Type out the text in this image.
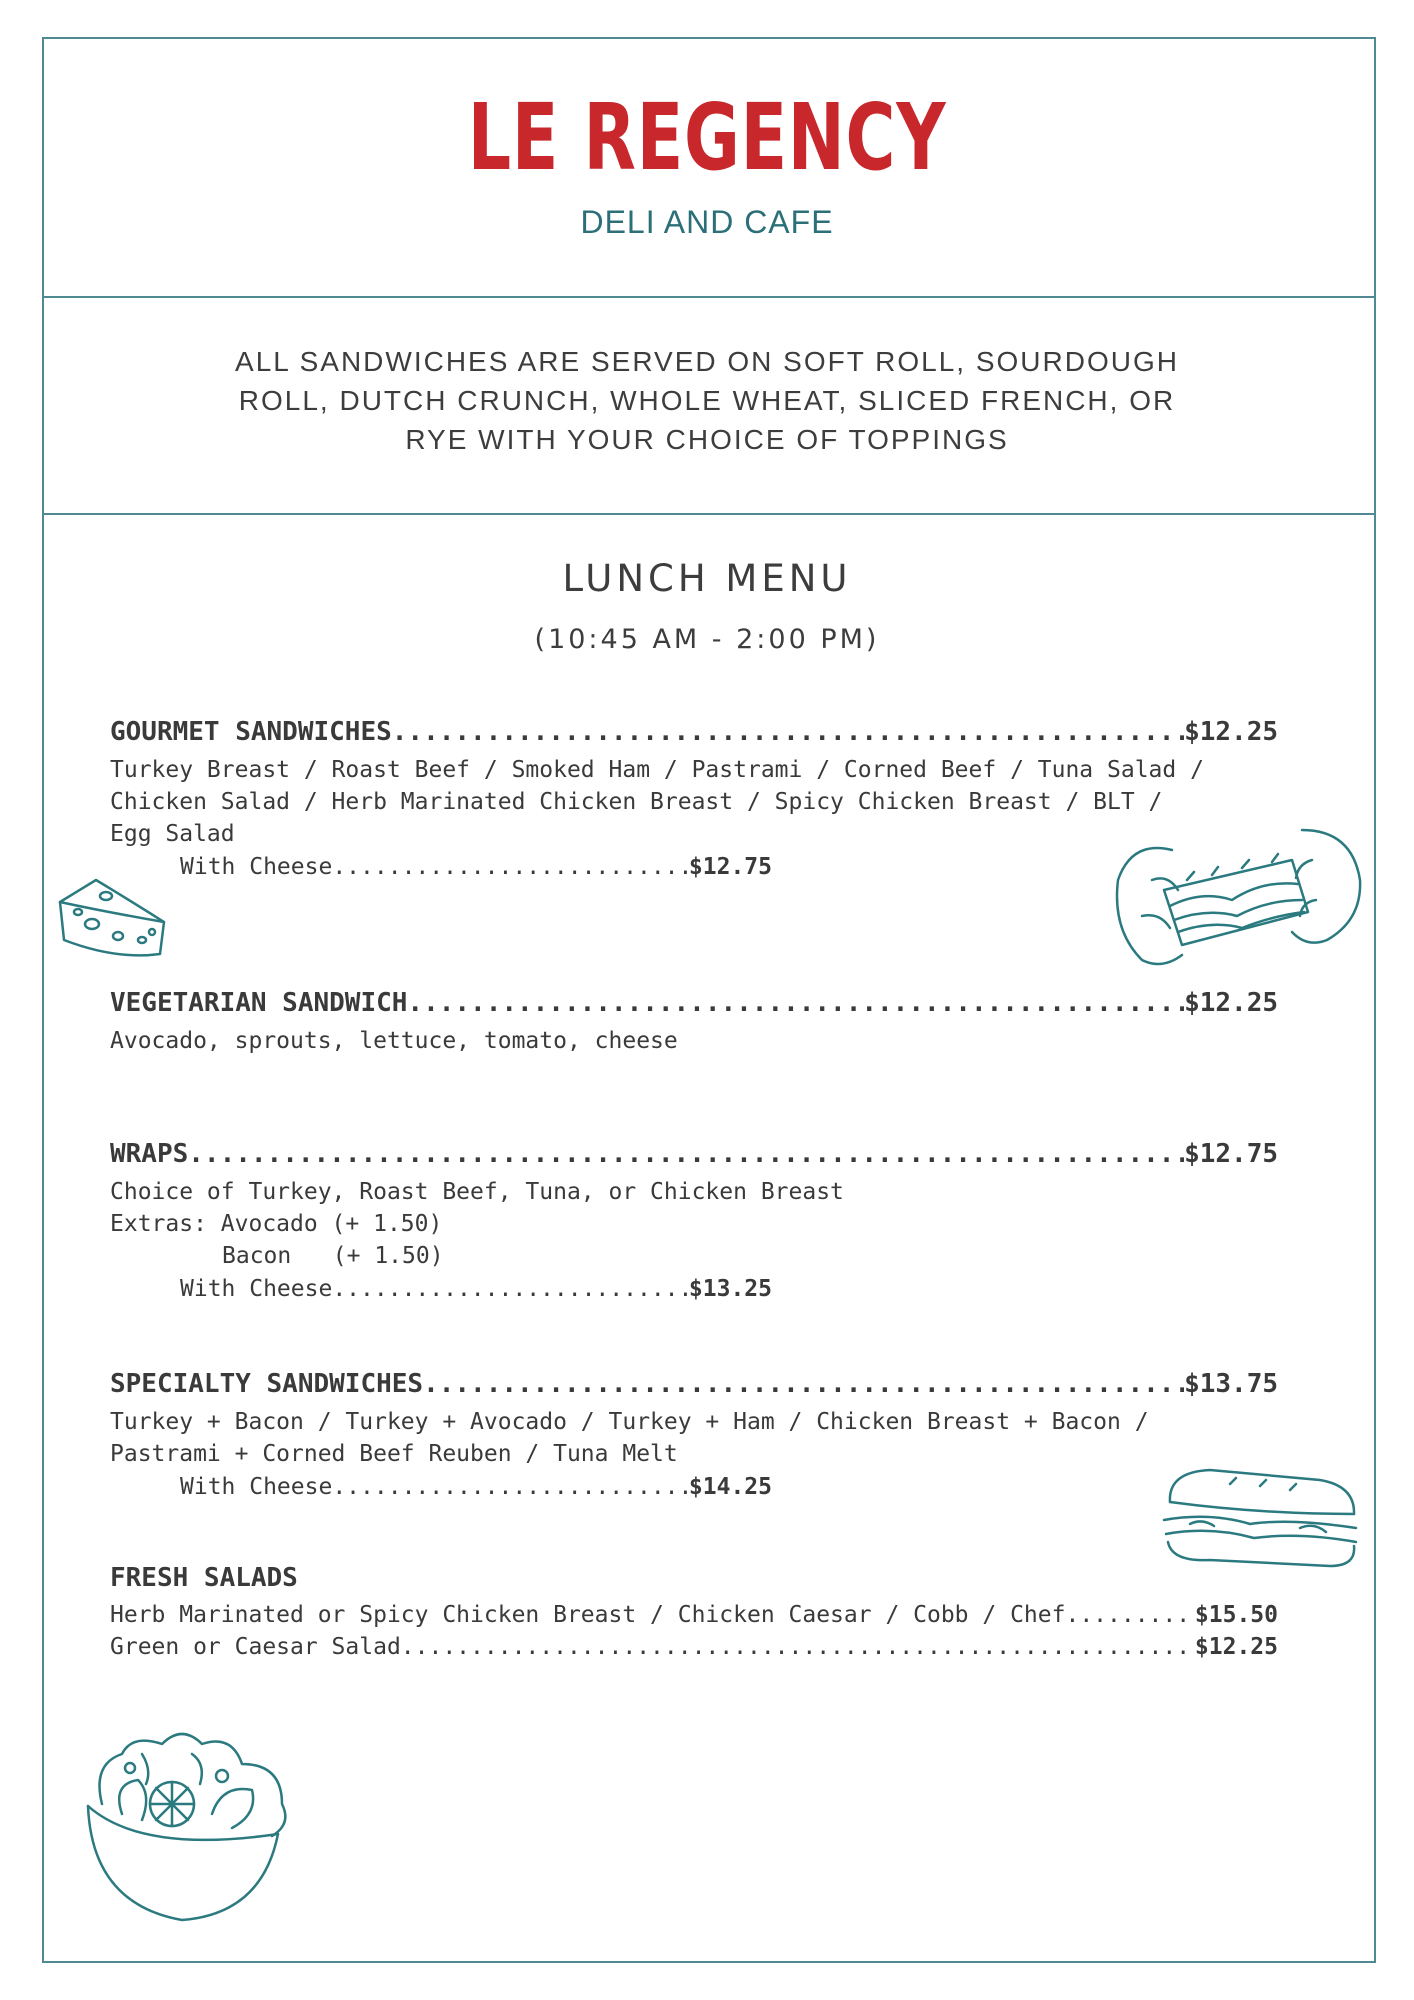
LE REGENCY
DELI AND CAFE
ALL SANDWICHES ARE SERVED ON SOFT ROLL, SOURDOUGH
ROLL, DUTCH CRUNCH, WHOLE WHEAT, SLICED FRENCH, OR
RYE WITH YOUR CHOICE OF TOPPINGS
LUNCH MENU
(10:45 AM - 2:00 PM)
GOURMET SANDWICHES .....	$12.25
Turkey Breast / Roast Beef / Smoked Ham / Pastrami / Corned Beef / Tuna Salad /
Chicken Salad / Herb Marinated Chicken Breast / Spicy Chicken Breast / BLT /
Egg Salad
With Cheese .....	$12.75
VEGETARIAN SANDWICH .....	$12.25
Avocado, sprouts, lettuce, tomato, cheese
WRAPS .....	$12.75
Choice of Turkey, Roast Beef, Tuna, or Chicken Breast
Extras: Avocado (+ 1.50)
Bacon   (+ 1.50)
With Cheese .....	$13.25
SPECIALTY SANDWICHES .....	$13.75
Turkey + Bacon / Turkey + Avocado / Turkey + Ham / Chicken Breast + Bacon /
Pastrami + Corned Beef Reuben / Tuna Melt
With Cheese .....	$14.25
FRESH SALADS
Herb Marinated or Spicy Chicken Breast / Chicken Caesar / Cobb / Chef .....	$15.50
Green or Caesar Salad .....	$12.25
